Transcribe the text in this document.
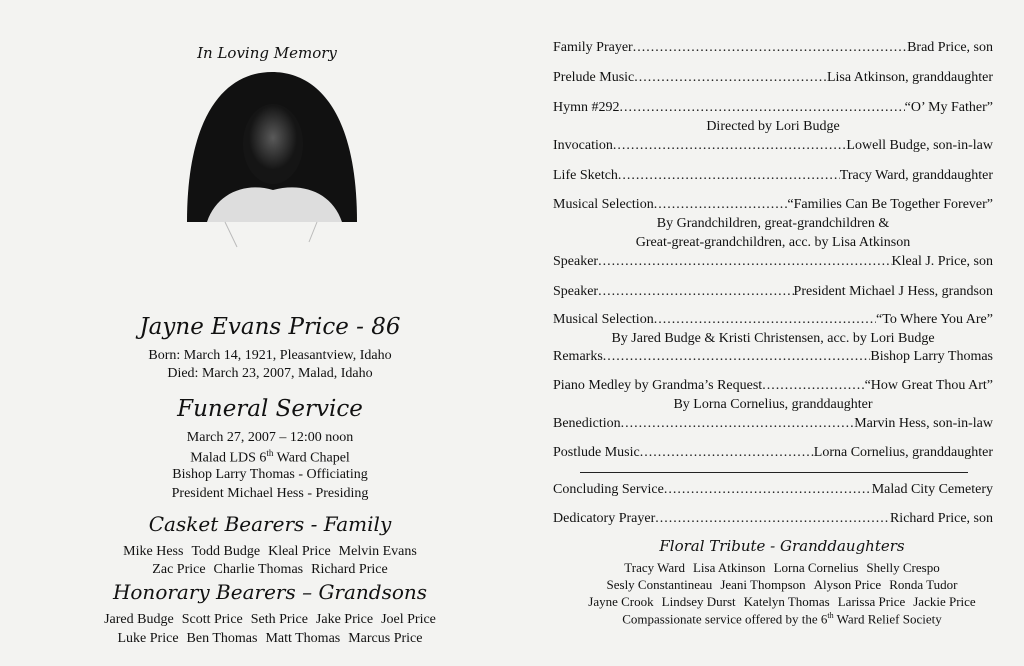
In Loving Memory
Jayne Evans Price - 86
Born: March 14, 1921, Pleasantview, Idaho
Died: March 23, 2007, Malad, Idaho
Funeral Service
March 27, 2007 – 12:00 noon
Malad LDS 6th Ward Chapel
Bishop Larry Thomas - Officiating
President Michael Hess - Presiding
Casket Bearers - Family
Mike Hess Todd Budge Kleal Price Melvin Evans
Zac Price Charlie Thomas Richard Price
Honorary Bearers – Grandsons
Jared Budge Scott Price Seth Price Jake Price Joel Price
Luke Price Ben Thomas Matt Thomas Marcus Price
Family Prayer .....	Brad Price, son
Prelude Music .....	Lisa Atkinson, granddaughter
Hymn #292 .....	“O’ My Father”
Directed by Lori Budge
Invocation .....	Lowell Budge, son-in-law
Life Sketch .....	Tracy Ward, granddaughter
Musical Selection .....	“Families Can Be Together Forever”
By Grandchildren, great-grandchildren &
Great-great-grandchildren, acc. by Lisa Atkinson
Speaker .....	Kleal J. Price, son
Speaker .....	President Michael J Hess, grandson
Musical Selection .....	“To Where You Are”
By Jared Budge & Kristi Christensen, acc. by Lori Budge
Remarks .....	Bishop Larry Thomas
Piano Medley by Grandma’s Request .....	“How Great Thou Art”
By Lorna Cornelius, granddaughter
Benediction .....	Marvin Hess, son-in-law
Postlude Music .....	Lorna Cornelius, granddaughter
Concluding Service .....	Malad City Cemetery
Dedicatory Prayer .....	Richard Price, son
Floral Tribute - Granddaughters
Tracy Ward Lisa Atkinson Lorna Cornelius Shelly Crespo
Sesly Constantineau Jeani Thompson Alyson Price Ronda Tudor
Jayne Crook Lindsey Durst Katelyn Thomas Larissa Price Jackie Price
Compassionate service offered by the 6th Ward Relief Society
